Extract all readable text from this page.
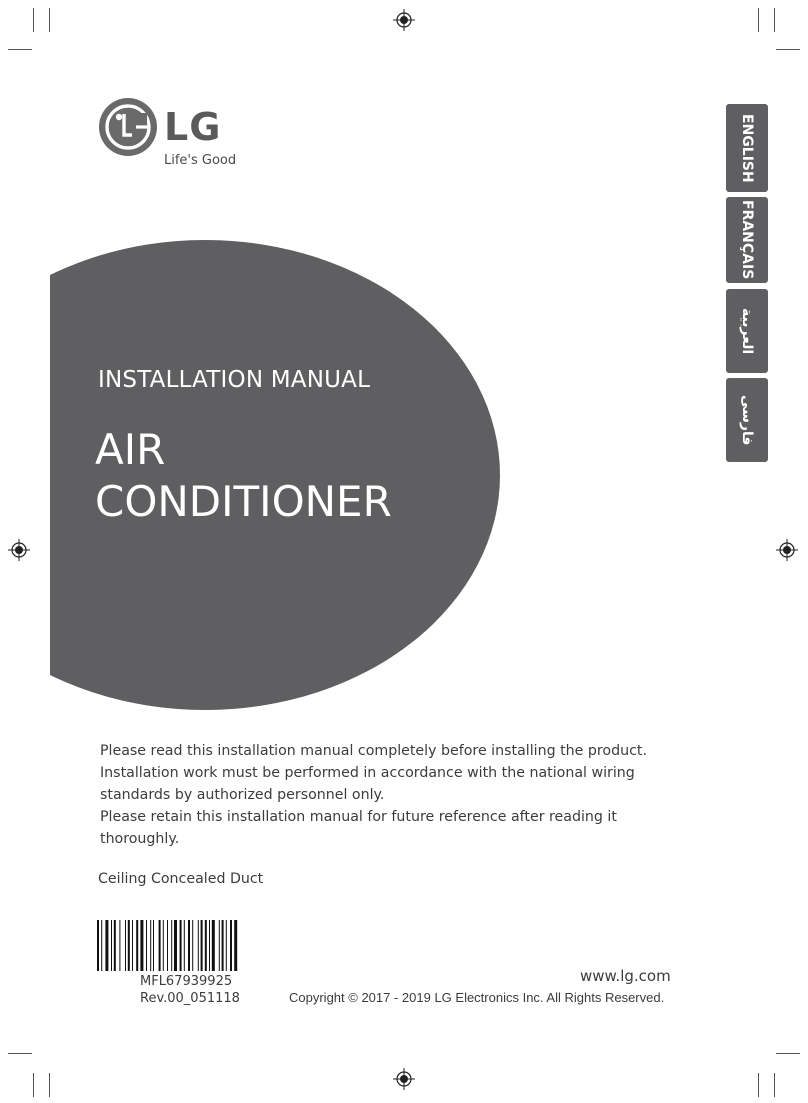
LG
Life's Good
INSTALLATION MANUAL
AIR
CONDITIONER
ENGLISH
FRANÇAIS
العربية
فارسی

Please read this installation manual completely before installing the product.

Installation work must be performed in accordance with the national wiring standards by authorized personnel only.

Please retain this installation manual for future reference after reading it thoroughly.

Ceiling Concealed Duct
MFL67939925
Rev.00_051118
www.lg.com
Copyright © 2017 - 2019 LG Electronics Inc. All Rights Reserved.
